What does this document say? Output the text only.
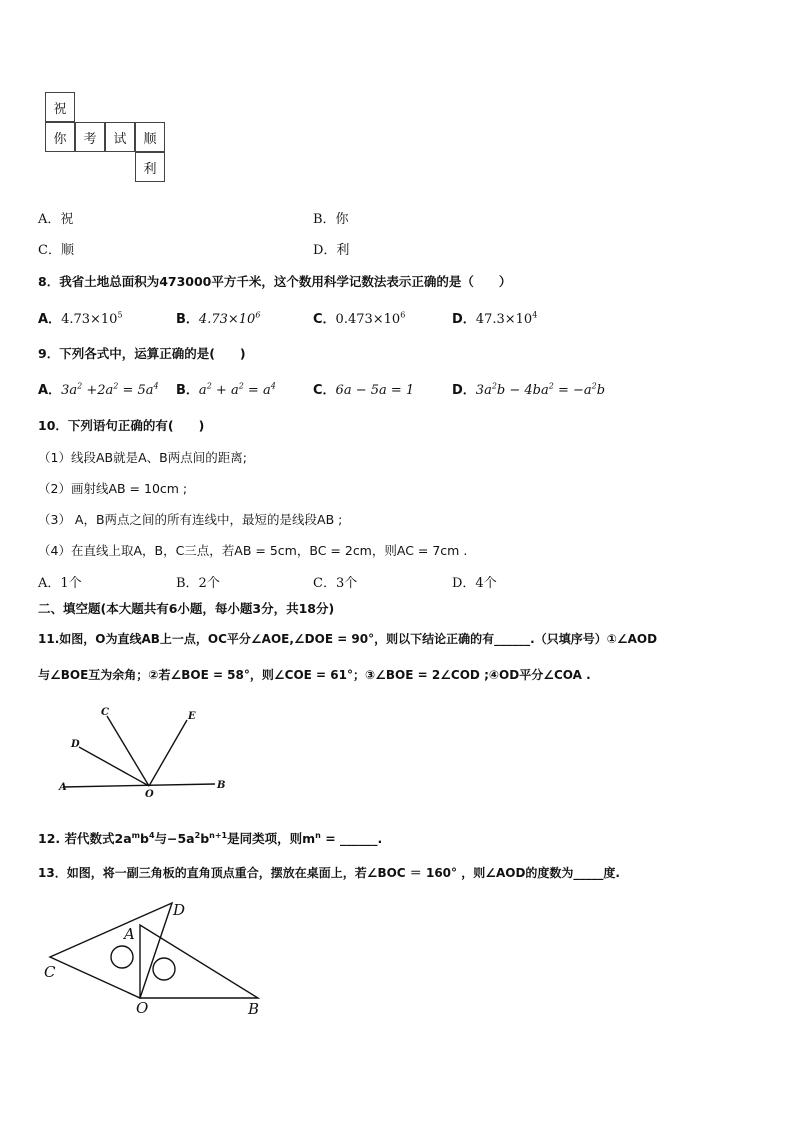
祝
你	考	试	顺
利
A．祝	B．你
C．顺	D．利
8．我省土地总面积为473000平方千米，这个数用科学记数法表示正确的是（　　）
A．$4.73\times 10^5$	B．$4.73\times 10^6$	C．$0.473\times 10^6$	D．$47.3\times 10^4$
9．下列各式中，运算正确的是(　　)
A．$3a^2 +2a^2 = 5a^4$ B．$a^2 + a^2 = a^4$	C．6a − 5a = 1	D．$3a^2b - 4ba^2 = -a^2b$
10．下列语句正确的有(　　)
（1）线段AB就是A、B两点间的距离;
（2）画射线AB = 10cm ;
（3） A，B两点之间的所有连线中，最短的是线段AB ;
（4）在直线上取A，B，C三点，若AB = 5cm，BC = 2cm，则AC = 7cm .
A．1个	B．2个	C．3个	D．4个
二、填空题(本大题共有6小题，每小题3分，共18分)
11.如图，O为直线AB上一点，OC平分∠AOE,∠DOE = 90°，则以下结论正确的有______.（只填序号）①∠AOD
与∠BOE互为余角；②若∠BOE = 58°，则∠COE = 61°；③∠BOE = 2∠COD ;④OD平分∠COA .
C	E
D
A
O
B
12. 若代数式$2a^mb^4$与$-5a^2b^{n+1}$是同类项，则$m^n$ = ______.
13．如图，将一副三角板的直角顶点重合，摆放在桌面上，若∠BOC ＝ 160° ，则∠AOD的度数为_____度.
D
A
C
O	B
